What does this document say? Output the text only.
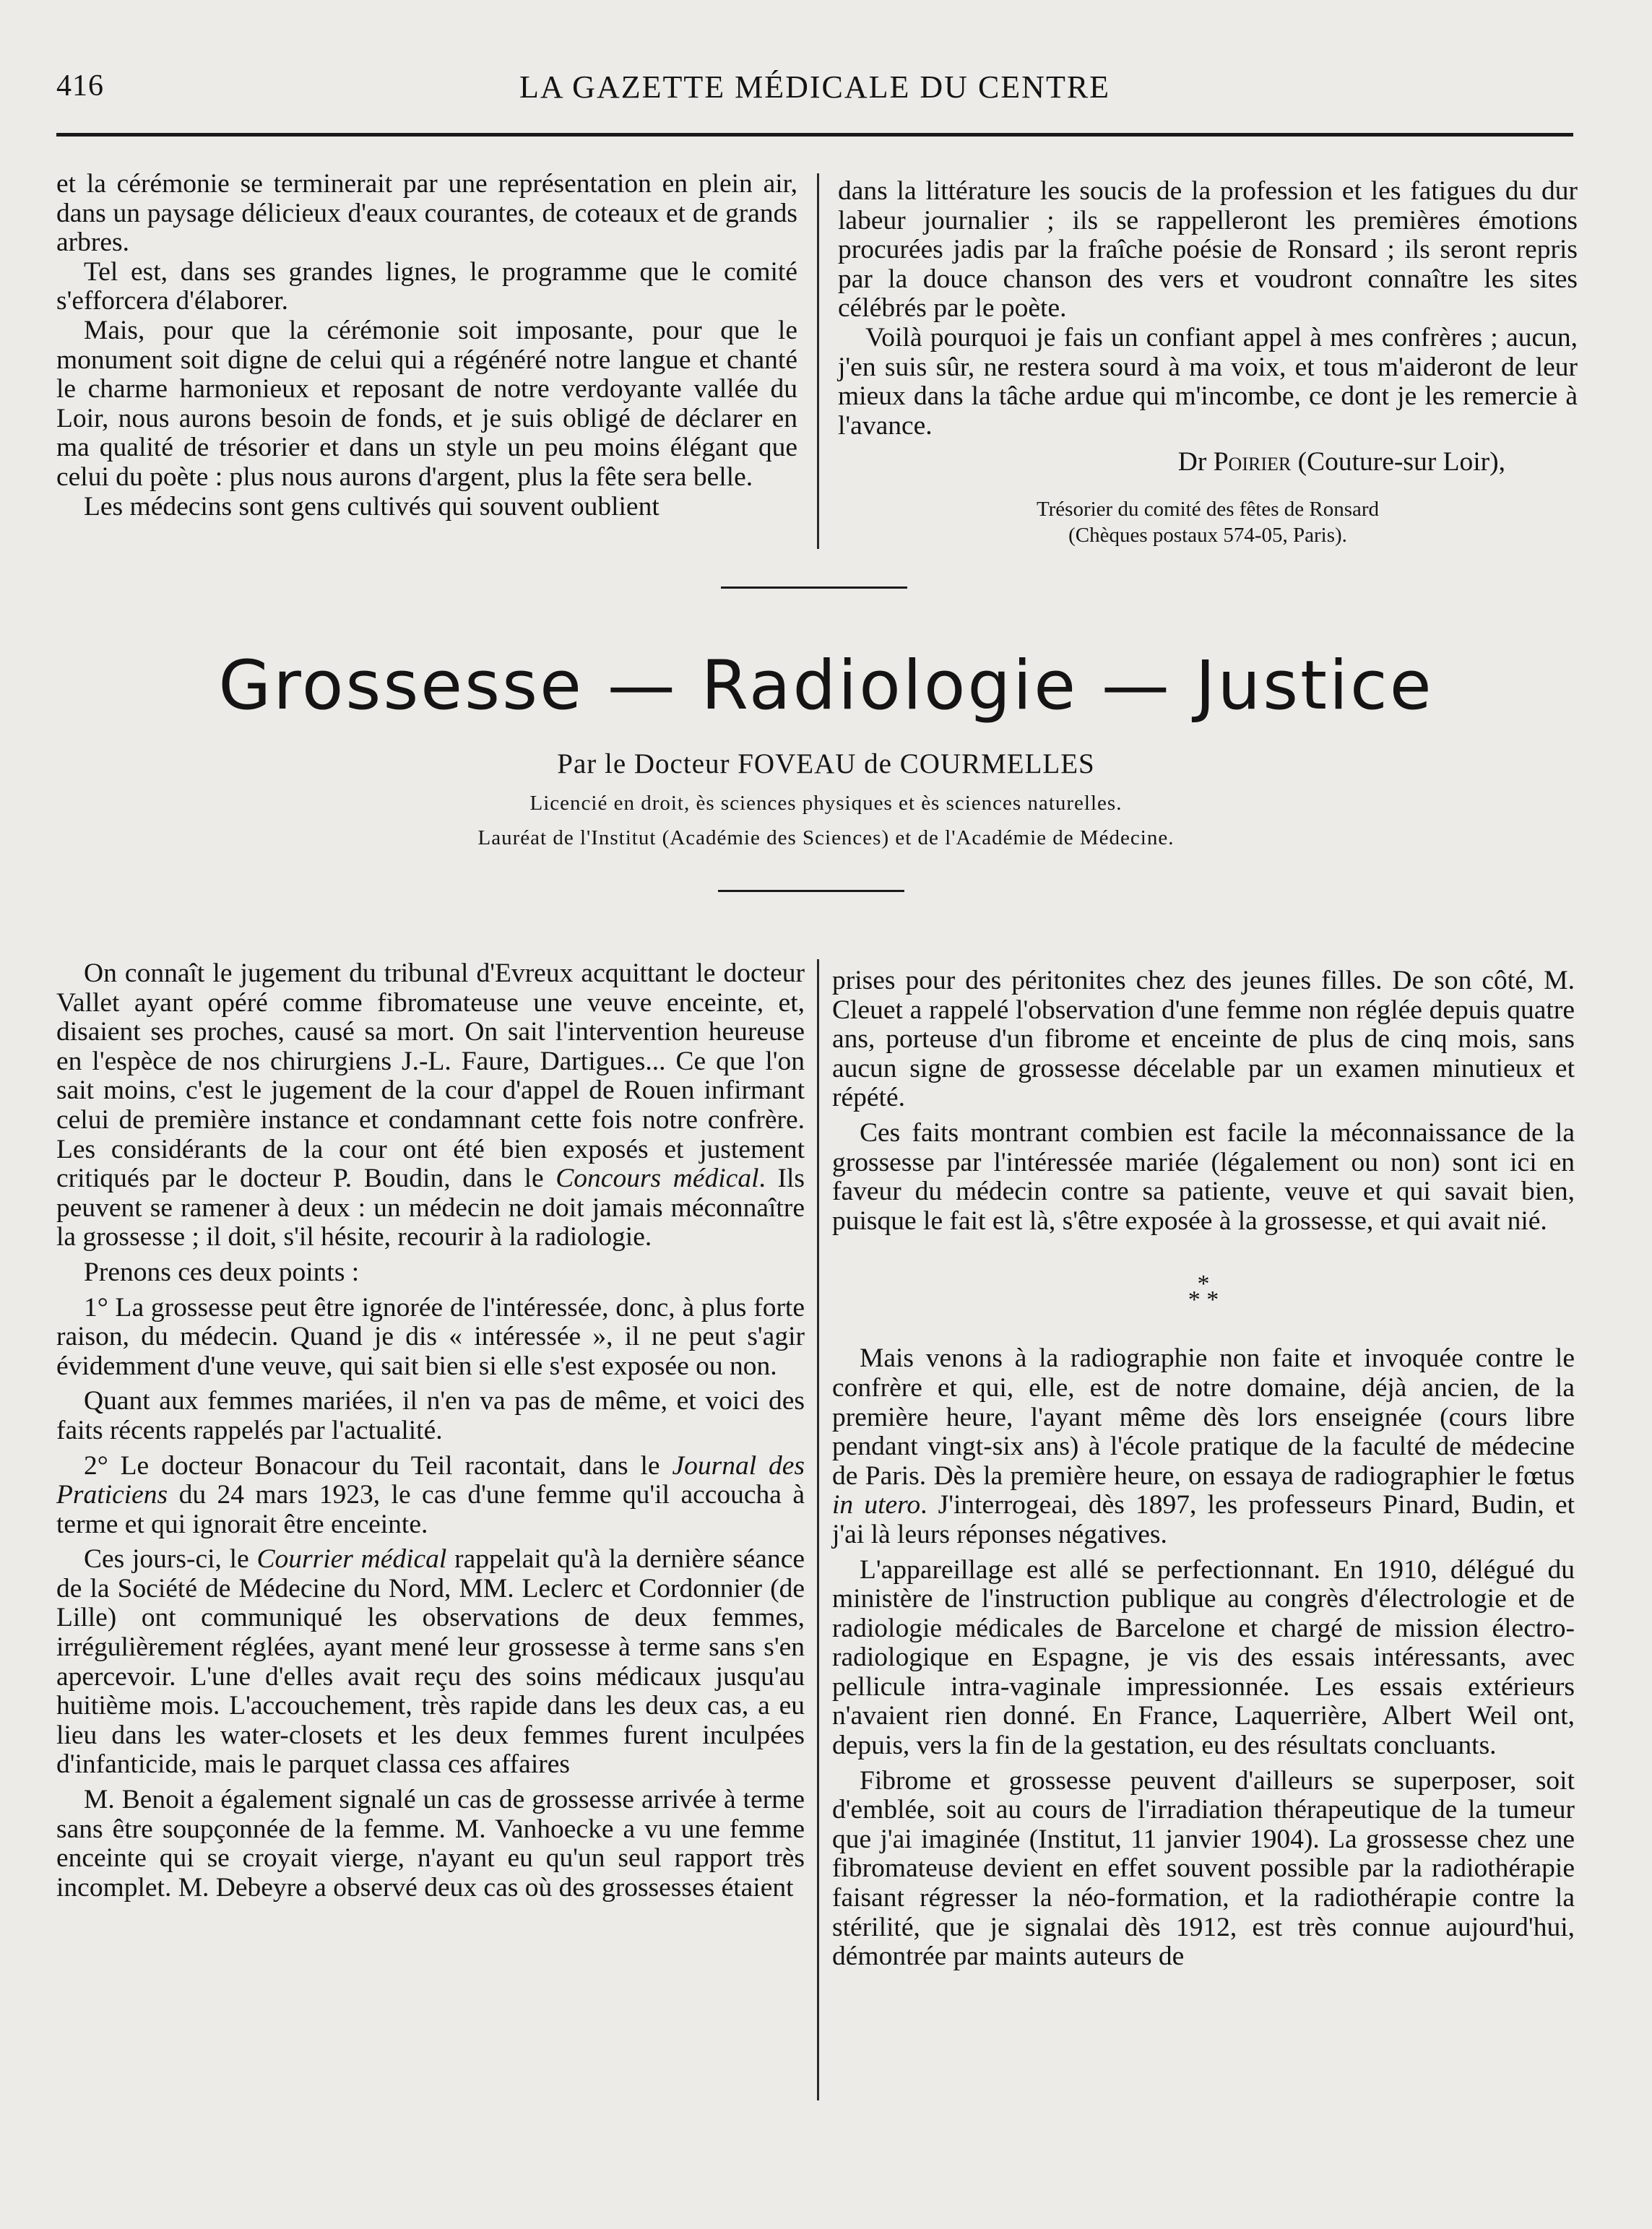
416	LA GAZETTE MÉDICALE DU CENTRE

et la cérémonie se terminerait par une représentation en plein air, dans un paysage délicieux d'eaux courantes, de coteaux et de grands arbres.

Tel est, dans ses grandes lignes, le programme que le comité s'efforcera d'élaborer.

Mais, pour que la cérémonie soit imposante, pour que le monument soit digne de celui qui a régénéré notre langue et chanté le charme harmonieux et reposant de notre verdoyante vallée du Loir, nous aurons besoin de fonds, et je suis obligé de déclarer en ma qualité de trésorier et dans un style un peu moins élégant que celui du poète : plus nous aurons d'argent, plus la fête sera belle.

Les médecins sont gens cultivés qui souvent oublient

dans la littérature les soucis de la profession et les fatigues du dur labeur journalier ; ils se rappelleront les premières émotions procurées jadis par la fraîche poésie de Ronsard ; ils seront repris par la douce chanson des vers et voudront connaître les sites célébrés par le poète.

Voilà pourquoi je fais un confiant appel à mes confrères ; aucun, j'en suis sûr, ne restera sourd à ma voix, et tous m'aideront de leur mieux dans la tâche ardue qui m'incombe, ce dont je les remercie à l'avance.

Dr Poirier (Couture-sur Loir),
Trésorier du comité des fêtes de Ronsard
(Chèques postaux 574-05, Paris).
Grossesse — Radiologie — Justice
Par le Docteur FOVEAU de COURMELLES
Licencié en droit, ès sciences physiques et ès sciences naturelles.
Lauréat de l'Institut (Académie des Sciences) et de l'Académie de Médecine.

On connaît le jugement du tribunal d'Evreux acquittant le docteur Vallet ayant opéré comme fibromateuse une veuve enceinte, et, disaient ses proches, causé sa mort. On sait l'intervention heureuse en l'espèce de nos chirurgiens J.-L. Faure, Dartigues... Ce que l'on sait moins, c'est le jugement de la cour d'appel de Rouen infirmant celui de première instance et condamnant cette fois notre confrère. Les considérants de la cour ont été bien exposés et justement critiqués par le docteur P. Boudin, dans le Concours médical. Ils peuvent se ramener à deux : un médecin ne doit jamais méconnaître la grossesse ; il doit, s'il hésite, recourir à la radiologie.

Prenons ces deux points :

1° La grossesse peut être ignorée de l'intéressée, donc, à plus forte raison, du médecin. Quand je dis « intéressée », il ne peut s'agir évidemment d'une veuve, qui sait bien si elle s'est exposée ou non.

Quant aux femmes mariées, il n'en va pas de même, et voici des faits récents rappelés par l'actualité.

2° Le docteur Bonacour du Teil racontait, dans le Journal des Praticiens du 24 mars 1923, le cas d'une femme qu'il accoucha à terme et qui ignorait être enceinte.

Ces jours-ci, le Courrier médical rappelait qu'à la dernière séance de la Société de Médecine du Nord, MM. Leclerc et Cordonnier (de Lille) ont communiqué les observations de deux femmes, irrégulièrement réglées, ayant mené leur grossesse à terme sans s'en apercevoir. L'une d'elles avait reçu des soins médicaux jusqu'au huitième mois. L'accouchement, très rapide dans les deux cas, a eu lieu dans les water-closets et les deux femmes furent inculpées d'infanticide, mais le parquet classa ces affaires

M. Benoit a également signalé un cas de grossesse arrivée à terme sans être soupçonnée de la femme. M. Vanhoecke a vu une femme enceinte qui se croyait vierge, n'ayant eu qu'un seul rapport très incomplet. M. Debeyre a observé deux cas où des grossesses étaient

prises pour des péritonites chez des jeunes filles. De son côté, M. Cleuet a rappelé l'observation d'une femme non réglée depuis quatre ans, porteuse d'un fibrome et enceinte de plus de cinq mois, sans aucun signe de grossesse décelable par un examen minutieux et répété.

Ces faits montrant combien est facile la méconnaissance de la grossesse par l'intéressée mariée (légalement ou non) sont ici en faveur du médecin contre sa patiente, veuve et qui savait bien, puisque le fait est là, s'être exposée à la grossesse, et qui avait nié.

*
* *

Mais venons à la radiographie non faite et invoquée contre le confrère et qui, elle, est de notre domaine, déjà ancien, de la première heure, l'ayant même dès lors enseignée (cours libre pendant vingt-six ans) à l'école pratique de la faculté de médecine de Paris. Dès la première heure, on essaya de radiographier le fœtus in utero. J'interrogeai, dès 1897, les professeurs Pinard, Budin, et j'ai là leurs réponses négatives.

L'appareillage est allé se perfectionnant. En 1910, délégué du ministère de l'instruction publique au congrès d'électrologie et de radiologie médicales de Barcelone et chargé de mission électro-radiologique en Espagne, je vis des essais intéressants, avec pellicule intra-vaginale impressionnée. Les essais extérieurs n'avaient rien donné. En France, Laquerrière, Albert Weil ont, depuis, vers la fin de la gestation, eu des résultats concluants.

Fibrome et grossesse peuvent d'ailleurs se superposer, soit d'emblée, soit au cours de l'irradiation thérapeutique de la tumeur que j'ai imaginée (Institut, 11 janvier 1904). La grossesse chez une fibromateuse devient en effet souvent possible par la radiothérapie faisant régresser la néo-formation, et la radiothérapie contre la stérilité, que je signalai dès 1912, est très connue aujourd'hui, démontrée par maints auteurs de
